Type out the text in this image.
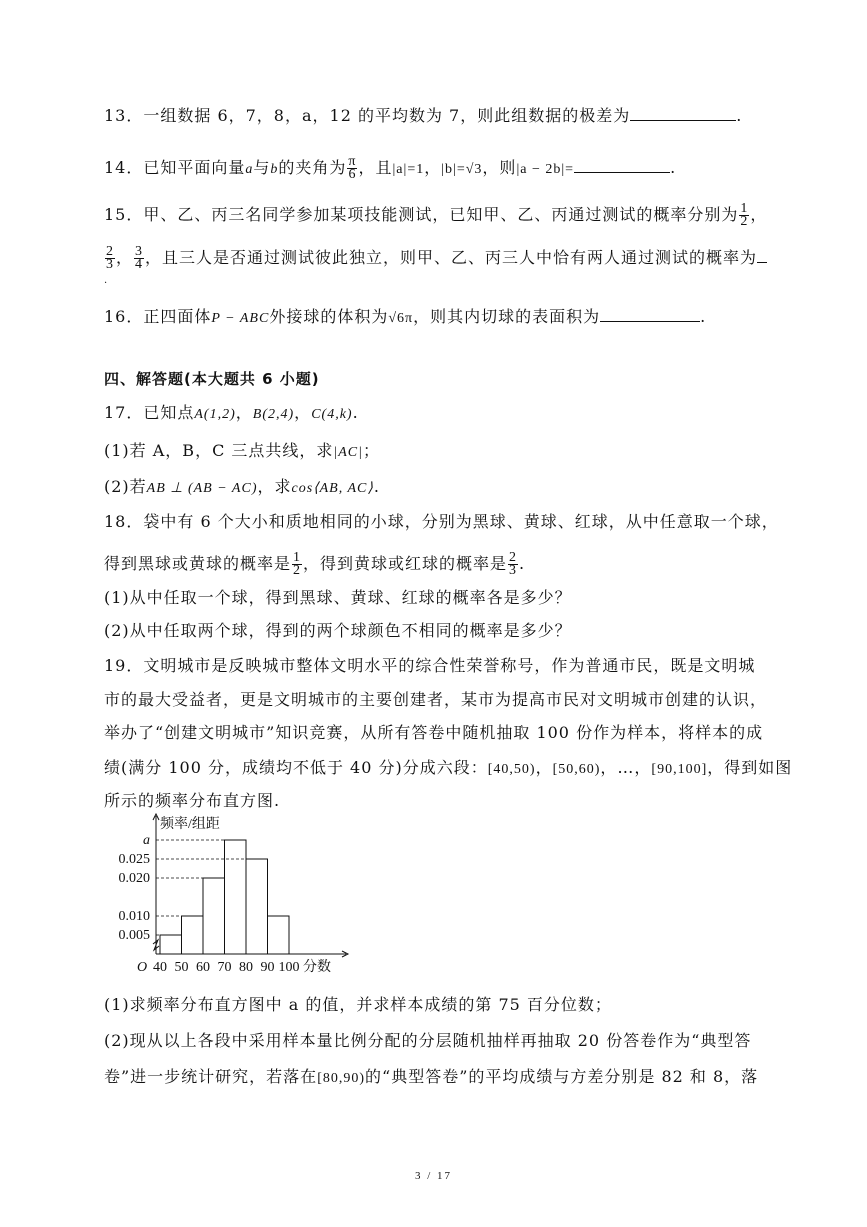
13．一组数据 6，7，8，a，12 的平均数为 7，则此组数据的极差为	.
14．已知平面向量a与b的夹角为 $\frac{\pi}{6}$ ，且|a|=1，|b|=√3，则|a − 2b|=	.
15．甲、乙、丙三名同学参加某项技能测试，已知甲、乙、丙通过测试的概率分别为 $\frac{1}{2}$ ，
$\frac{2}{3}$ ， $\frac{3}{4}$ ，且三人是否通过测试彼此独立，则甲、乙、丙三人中恰有两人通过测试的概率为
.
16．正四面体P − ABC外接球的体积为√6π，则其内切球的表面积为	.
四、解答题(本大题共 6 小题)
17．已知点A(1,2)，B(2,4)，C(4,k).
(1)若 A，B，C 三点共线，求|AC|；
(2)若AB ⊥ (AB − AC)，求cos⟨AB, AC⟩.
18．袋中有 6 个大小和质地相同的小球，分别为黑球、黄球、红球，从中任意取一个球，
得到黑球或黄球的概率是 $\frac{1}{2}$ ，得到黄球或红球的概率是 $\frac{2}{3}$ .
(1)从中任取一个球，得到黑球、黄球、红球的概率各是多少？
(2)从中任取两个球，得到的两个球颜色不相同的概率是多少？
19．文明城市是反映城市整体文明水平的综合性荣誉称号，作为普通市民，既是文明城
市的最大受益者，更是文明城市的主要创建者，某市为提高市民对文明城市创建的认识，
举办了“创建文明城市”知识竞赛，从所有答卷中随机抽取 100 份作为样本，将样本的成
绩(满分 100 分，成绩均不低于 40 分)分成六段：[40,50)，[50,60)，…，[90,100]，得到如图
所示的频率分布直方图.
0.005
0.010
0.020
0.025
a
40 50 60 70 80 90 100 分数
频率/组距
O
(1)求频率分布直方图中 a 的值，并求样本成绩的第 75 百分位数；
(2)现从以上各段中采用样本量比例分配的分层随机抽样再抽取 20 份答卷作为“典型答
卷”进一步统计研究，若落在[80,90)的“典型答卷”的平均成绩与方差分别是 82 和 8，落
3 / 17
